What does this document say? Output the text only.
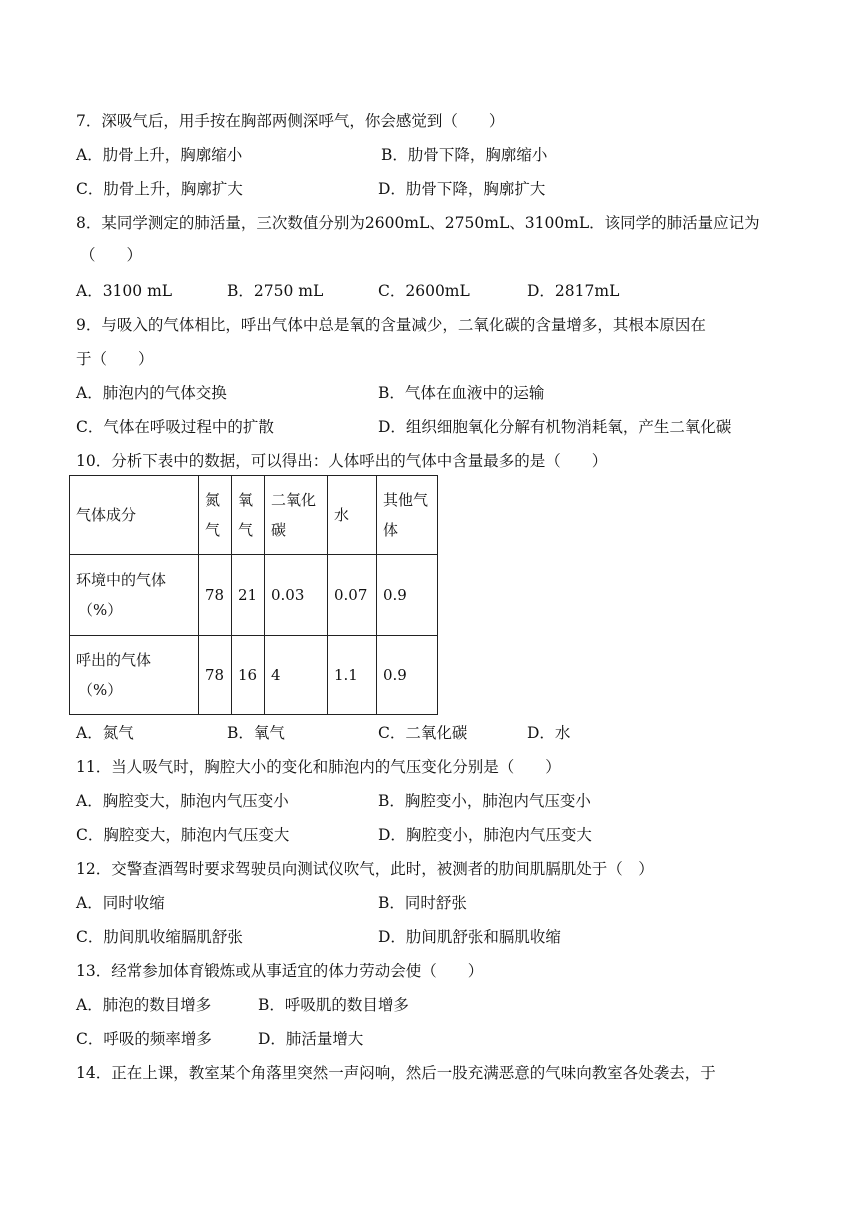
7．深吸气后，用手按在胸部两侧深呼气，你会感觉到（　　）
A．肋骨上升，胸廓缩小	B．肋骨下降，胸廓缩小
C．肋骨上升，胸廓扩大	D．肋骨下降，胸廓扩大
8．某同学测定的肺活量，三次数值分别为2600mL、2750mL、3100mL．该同学的肺活量应记为
（　　）
A．3100 mL	B．2750 mL	C．2600mL	D．2817mL
9．与吸入的气体相比，呼出气体中总是氧的含量减少，二氧化碳的含量增多，其根本原因在
于（　　）
A．肺泡内的气体交换	B．气体在血液中的运输
C．气体在呼吸过程中的扩散	D．组织细胞氧化分解有机物消耗氧，产生二氧化碳
10．分析下表中的数据，可以得出：人体呼出的气体中含量最多的是（　　）
气体成分	氮气	氧气	二氧化碳	水	其他气体
环境中的气体
（%）	78	21	0.03	0.07	0.9
呼出的气体
（%）	78	16	4	1.1	0.9
A．氮气	B．氧气	C．二氧化碳	D．水
11．当人吸气时，胸腔大小的变化和肺泡内的气压变化分别是（　　）
A．胸腔变大，肺泡内气压变小	B．胸腔变小，肺泡内气压变小
C．胸腔变大，肺泡内气压变大	D．胸腔变小，肺泡内气压变大
12．交警查酒驾时要求驾驶员向测试仪吹气，此时，被测者的肋间肌膈肌处于（　）
A．同时收缩	B．同时舒张
C．肋间肌收缩膈肌舒张	D．肋间肌舒张和膈肌收缩
13．经常参加体育锻炼或从事适宜的体力劳动会使（　　）
A．肺泡的数目增多	B．呼吸肌的数目增多
C．呼吸的频率增多	D．肺活量增大
14．正在上课，教室某个角落里突然一声闷响，然后一股充满恶意的气味向教室各处袭去，于
